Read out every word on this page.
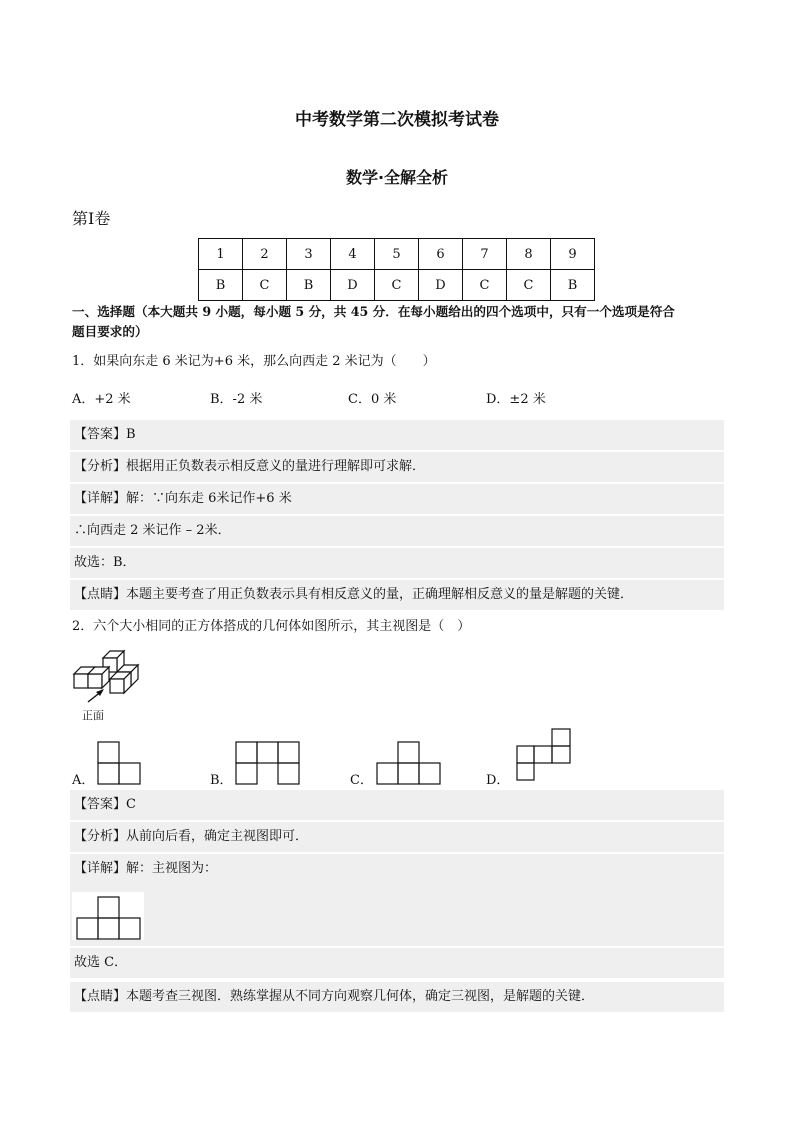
中考数学第二次模拟考试卷
数学·全解全析
第Ⅰ卷
1	2	3	4	5	6	7	8	9
B	C	B	D	C	D	C	C	B
一、选择题（本大题共 9 小题，每小题 5 分，共 45 分．在每小题给出的四个选项中，只有一个选项是符合
题目要求的）
1．如果向东走 6 米记为+6 米，那么向西走 2 米记为（　　）
A．+2 米	B．-2 米	C．0 米	D．±2 米
【答案】B
【分析】根据用正负数表示相反意义的量进行理解即可求解．
【详解】解：∵向东走 6米记作+6 米
∴向西走 2 米记作 – 2米．
故选：B．
【点睛】本题主要考查了用正负数表示具有相反意义的量，正确理解相反意义的量是解题的关键．
2．六个大小相同的正方体搭成的几何体如图所示，其主视图是（　）
正面
A．	B．	C．	D．
【答案】C
【分析】从前向后看，确定主视图即可．
【详解】解：主视图为：
故选 C．
【点睛】本题考查三视图．熟练掌握从不同方向观察几何体，确定三视图，是解题的关键．
